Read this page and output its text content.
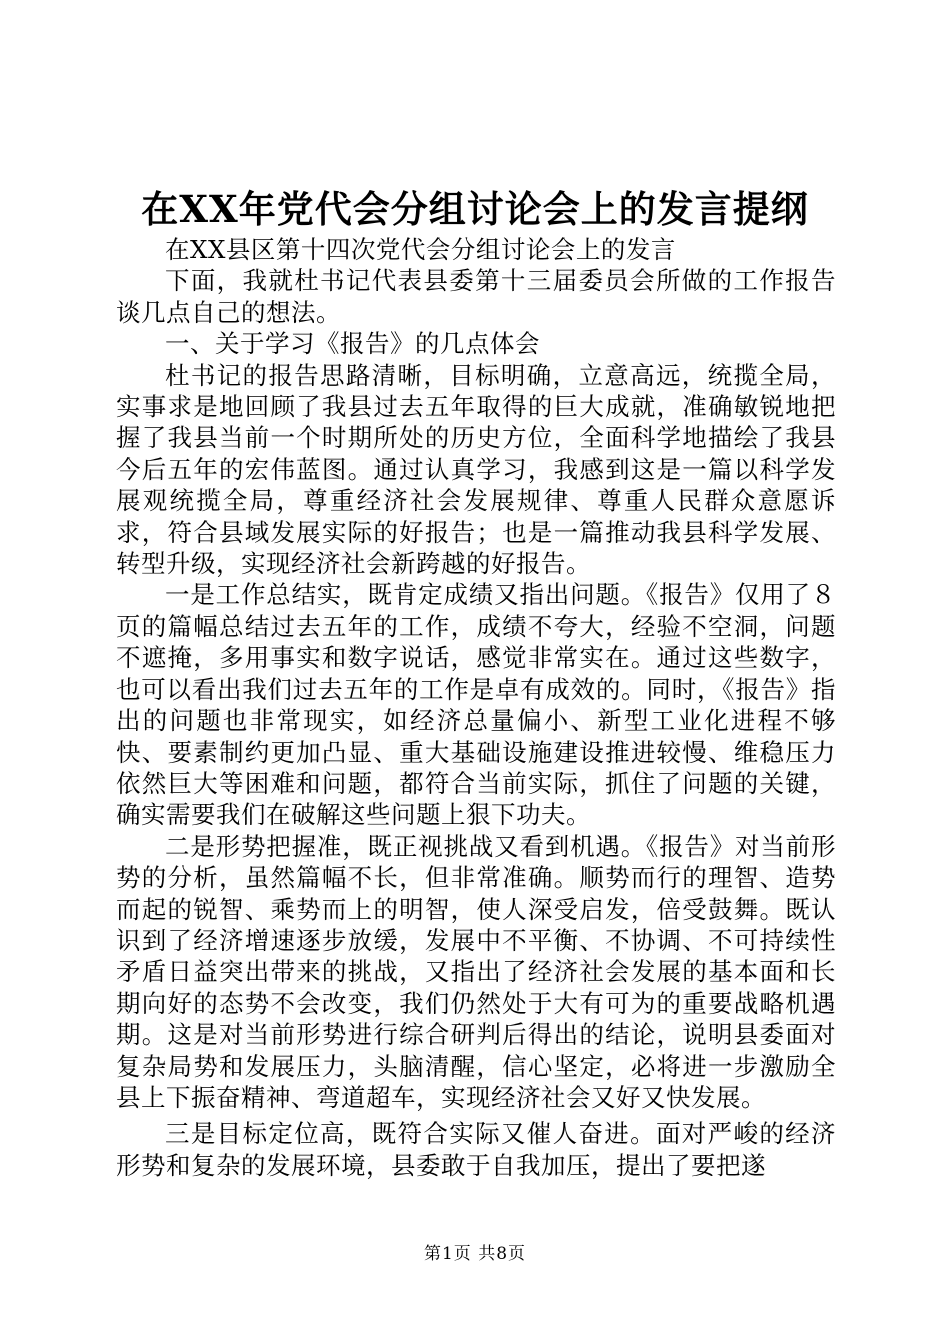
在XX年党代会分组讨论会上的发言提纲

在XX县区第十四次党代会分组讨论会上的发言

下面，我就杜书记代表县委第十三届委员会所做的工作报告谈几点自己的想法。

一、关于学习《报告》的几点体会

杜书记的报告思路清晰，目标明确，立意高远，统揽全局，实事求是地回顾了我县过去五年取得的巨大成就，准确敏锐地把握了我县当前一个时期所处的历史方位，全面科学地描绘了我县今后五年的宏伟蓝图。通过认真学习，我感到这是一篇以科学发展观统揽全局，尊重经济社会发展规律、尊重人民群众意愿诉求，符合县域发展实际的好报告；也是一篇推动我县科学发展、转型升级，实现经济社会新跨越的好报告。

一是工作总结实，既肯定成绩又指出问题。《报告》仅用了８页的篇幅总结过去五年的工作，成绩不夸大，经验不空洞，问题不遮掩，多用事实和数字说话，感觉非常实在。通过这些数字，也可以看出我们过去五年的工作是卓有成效的。同时，《报告》指出的问题也非常现实，如经济总量偏小、新型工业化进程不够快、要素制约更加凸显、重大基础设施建设推进较慢、维稳压力依然巨大等困难和问题，都符合当前实际，抓住了问题的关键，确实需要我们在破解这些问题上狠下功夫。

二是形势把握准，既正视挑战又看到机遇。《报告》对当前形势的分析，虽然篇幅不长，但非常准确。顺势而行的理智、造势而起的锐智、乘势而上的明智，使人深受启发，倍受鼓舞。既认识到了经济增速逐步放缓，发展中不平衡、不协调、不可持续性矛盾日益突出带来的挑战，又指出了经济社会发展的基本面和长期向好的态势不会改变，我们仍然处于大有可为的重要战略机遇期。这是对当前形势进行综合研判后得出的结论，说明县委面对复杂局势和发展压力，头脑清醒，信心坚定，必将进一步激励全县上下振奋精神、弯道超车，实现经济社会又好又快发展。

三是目标定位高，既符合实际又催人奋进。面对严峻的经济形势和复杂的发展环境，县委敢于自我加压，提出了要把遂

第1页 共8页
